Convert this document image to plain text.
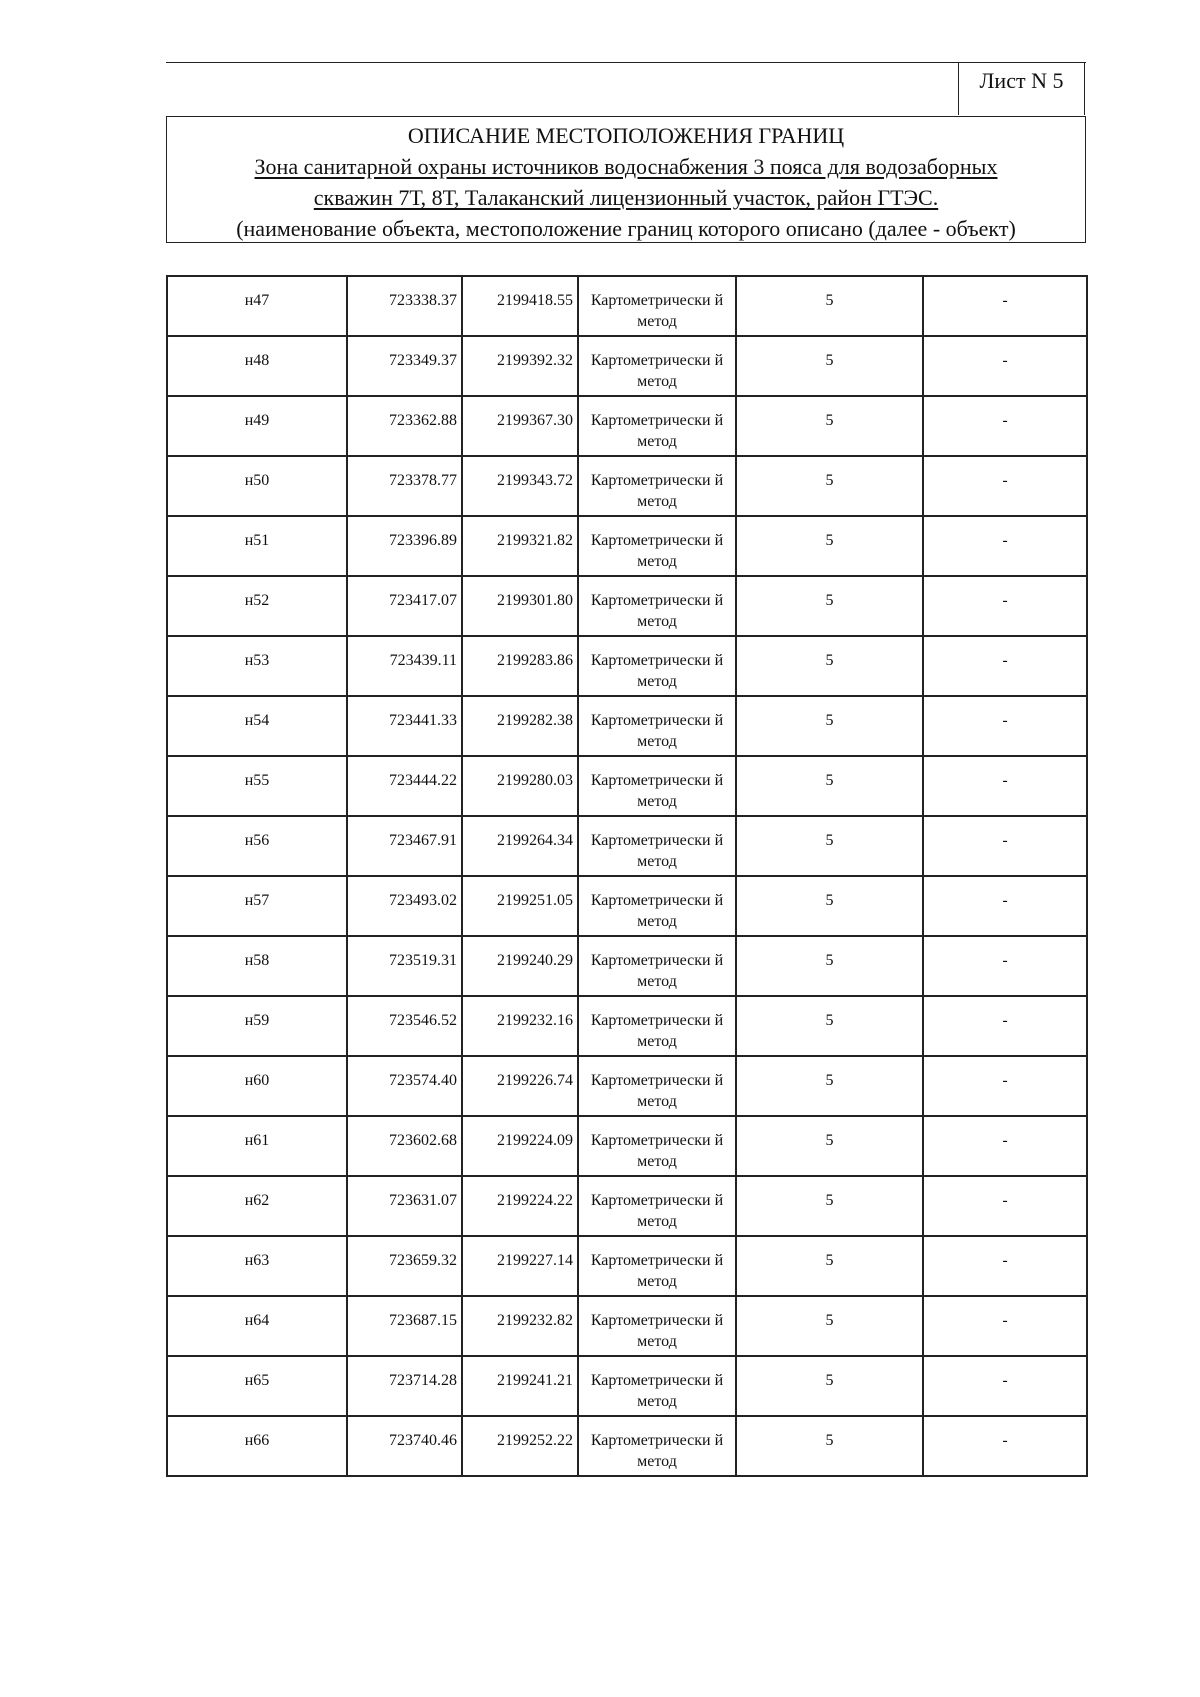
Лист N 5
ОПИСАНИЕ МЕСТОПОЛОЖЕНИЯ ГРАНИЦ
Зона санитарной охраны источников водоснабжения 3 пояса для водозаборных
скважин 7Т, 8Т, Талаканский лицензионный участок, район ГТЭС.
(наименование объекта, местоположение границ которого описано (далее - объект)
н47	723338.37	2199418.55	Картометрически й метод	5	-
н48	723349.37	2199392.32	Картометрически й метод	5	-
н49	723362.88	2199367.30	Картометрически й метод	5	-
н50	723378.77	2199343.72	Картометрически й метод	5	-
н51	723396.89	2199321.82	Картометрически й метод	5	-
н52	723417.07	2199301.80	Картометрически й метод	5	-
н53	723439.11	2199283.86	Картометрически й метод	5	-
н54	723441.33	2199282.38	Картометрически й метод	5	-
н55	723444.22	2199280.03	Картометрически й метод	5	-
н56	723467.91	2199264.34	Картометрически й метод	5	-
н57	723493.02	2199251.05	Картометрически й метод	5	-
н58	723519.31	2199240.29	Картометрически й метод	5	-
н59	723546.52	2199232.16	Картометрически й метод	5	-
н60	723574.40	2199226.74	Картометрически й метод	5	-
н61	723602.68	2199224.09	Картометрически й метод	5	-
н62	723631.07	2199224.22	Картометрически й метод	5	-
н63	723659.32	2199227.14	Картометрически й метод	5	-
н64	723687.15	2199232.82	Картометрически й метод	5	-
н65	723714.28	2199241.21	Картометрически й метод	5	-
н66	723740.46	2199252.22	Картометрически й метод	5	-
